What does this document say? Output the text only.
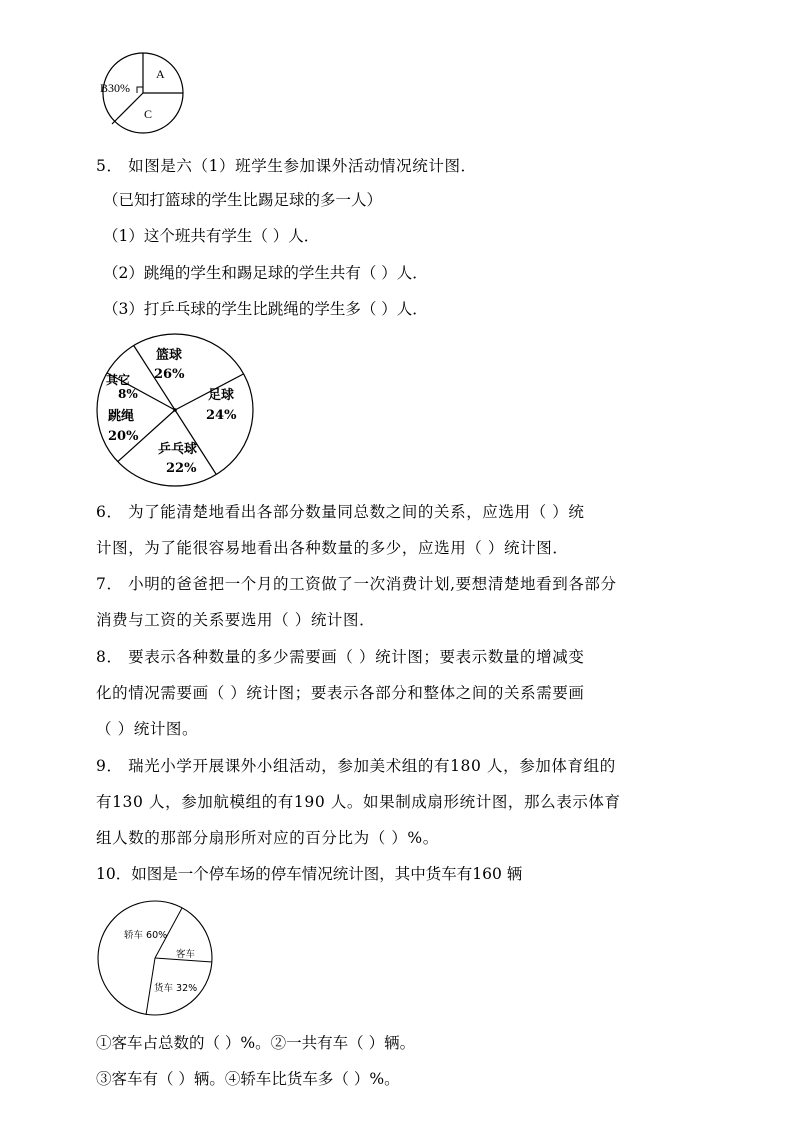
A
B30%
C
5． 如图是六（1）班学生参加课外活动情况统计图．
（已知打篮球的学生比踢足球的多一人）
（1）这个班共有学生（ ）人．
（2）跳绳的学生和踢足球的学生共有（ ）人．
（3）打乒乓球的学生比跳绳的学生多（ ）人．
篮球
26%
足球
24%
乒乓球
22%
跳绳
20%
其它
8%
6． 为了能清楚地看出各部分数量同总数之间的关系，应选用（ ）统
计图，为了能很容易地看出各种数量的多少，应选用（ ）统计图．
7． 小明的爸爸把一个月的工资做了一次消费计划,要想清楚地看到各部分
消费与工资的关系要选用（ ）统计图．
8． 要表示各种数量的多少需要画（ ）统计图；要表示数量的增减变
化的情况需要画（ ）统计图；要表示各部分和整体之间的关系需要画
（ ）统计图。
9． 瑞光小学开展课外小组活动，参加美术组的有180 人，参加体育组的
有130 人，参加航模组的有190 人。如果制成扇形统计图，那么表示体育
组人数的那部分扇形所对应的百分比为（ ）%。
10．如图是一个停车场的停车情况统计图，其中货车有160 辆
轿车 60%
客车
货车 32%
①客车占总数的（ ）%。②一共有车（ ）辆。
③客车有（ ）辆。④轿车比货车多（ ）%。
